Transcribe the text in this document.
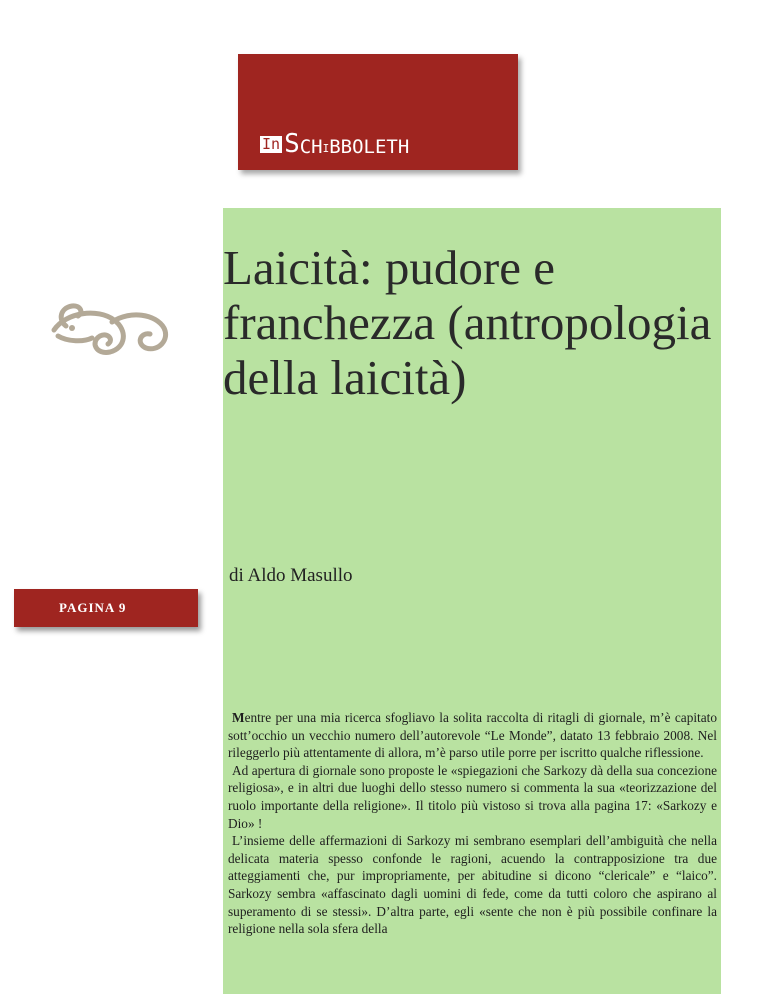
In S CH I BBOLETH
Laicità: pudore e franchezza (antropologia della laicità)

di Aldo Masullo

PAGINA 9

Mentre per una mia ricerca sfogliavo la solita raccolta di ritagli di giornale, m’è capitato sott’occhio un vecchio numero dell’autorevole “Le Monde”, datato 13 febbraio 2008. Nel rileggerlo più attentamente di allora, m’è parso utile porre per iscritto qualche riflessione.

Ad apertura di giornale sono proposte le «spiegazioni che Sarkozy dà della sua concezione religiosa», e in altri due luoghi dello stesso numero si commenta la sua «teorizzazione del ruolo importante della religione». Il titolo più vistoso si trova alla pagina 17: «Sarkozy e Dio» !

L’insieme delle affermazioni di Sarkozy mi sembrano esemplari dell’ambiguità che nella delicata materia spesso confonde le ragioni, acuendo la contrapposizione tra due atteggiamenti che, pur impropriamente, per abitudine si dicono “clericale” e “laico”. Sarkozy sembra «affascinato dagli uomini di fede, come da tutti coloro che aspirano al superamento di se stessi». D’altra parte, egli «sente che non è più possibile confinare la religione nella sola sfera della
